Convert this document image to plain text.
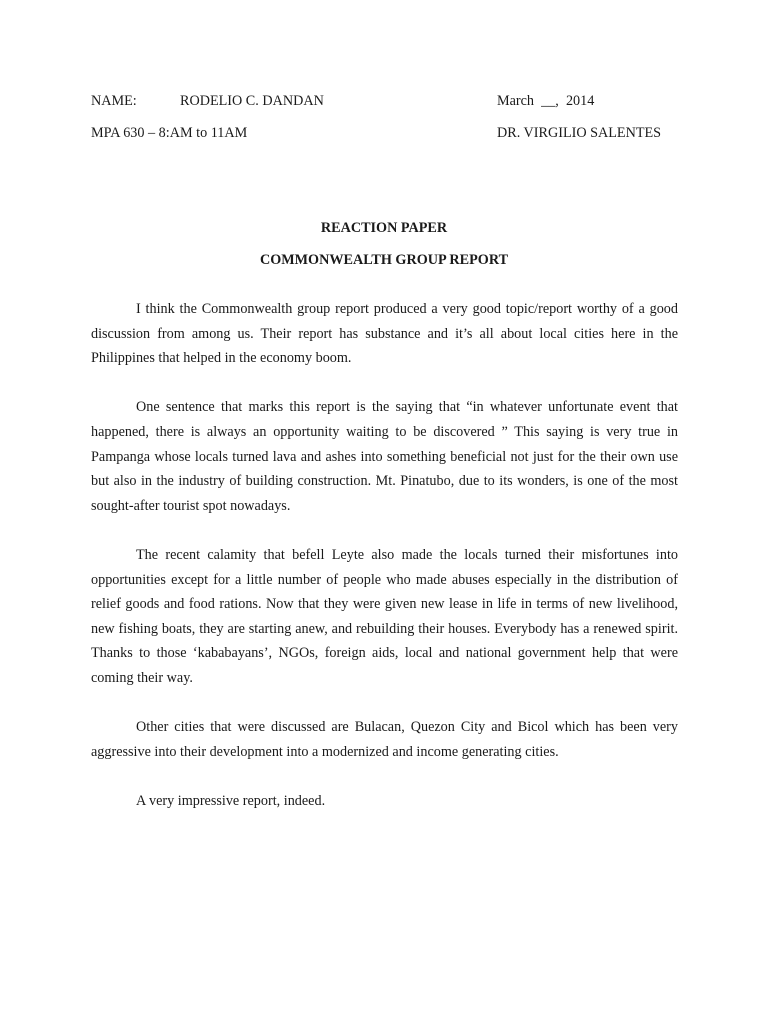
NAME:	RODELIO C. DANDAN	March  __,  2014
MPA 630 – 8:AM to 11AM	DR. VIRGILIO SALENTES
REACTION PAPER
COMMONWEALTH GROUP REPORT

I think the Commonwealth group report produced a very good topic/report worthy of a good discussion from among us. Their report has substance and it’s all about local cities here in the Philippines that helped in the economy boom.

One sentence that marks this report is the saying that “in whatever unfortunate event that happened, there is always an opportunity waiting to be discovered ” This saying is very true in Pampanga whose locals turned lava and ashes into something beneficial not just for the their own use but also in the industry of building construction. Mt. Pinatubo, due to its wonders, is one of the most sought-after tourist spot nowadays.

The recent calamity that befell Leyte also made the locals turned their misfortunes into opportunities except for a little number of people who made abuses especially in the distribution of relief goods and food rations. Now that they were given new lease in life in terms of new livelihood, new fishing boats, they are starting anew, and rebuilding their houses. Everybody has a renewed spirit. Thanks to those ‘kababayans’, NGOs, foreign aids, local and national government help that were coming their way.

Other cities that were discussed are Bulacan, Quezon City and Bicol which has been very aggressive into their development into a modernized and income generating cities.

A very impressive report, indeed.
